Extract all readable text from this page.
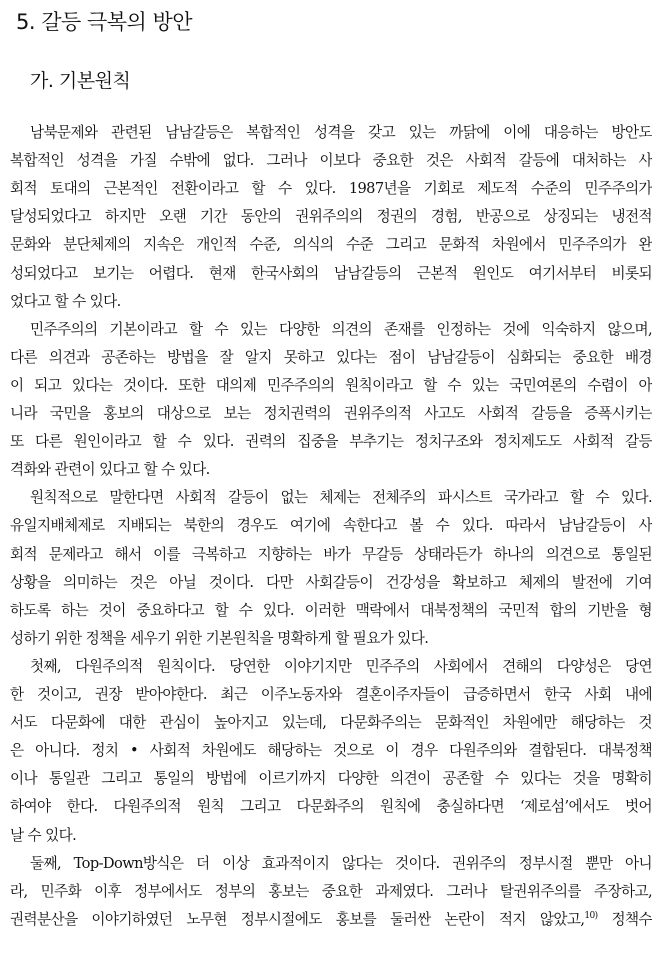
5. 갈등 극복의 방안
가. 기본원칙
남북문제와 관련된 남남갈등은 복합적인 성격을 갖고 있는 까닭에 이에 대응하는 방안도
복합적인 성격을 가질 수밖에 없다. 그러나 이보다 중요한 것은 사회적 갈등에 대처하는 사
회적 토대의 근본적인 전환이라고 할 수 있다. 1987년을 기회로 제도적 수준의 민주주의가
달성되었다고 하지만 오랜 기간 동안의 권위주의의 정권의 경험, 반공으로 상징되는 냉전적
문화와 분단체제의 지속은 개인적 수준, 의식의 수준 그리고 문화적 차원에서 민주주의가 완
성되었다고 보기는 어렵다. 현재 한국사회의 남남갈등의 근본적 원인도 여기서부터 비롯되
었다고 할 수 있다.
민주주의의 기본이라고 할 수 있는 다양한 의견의 존재를 인정하는 것에 익숙하지 않으며,
다른 의견과 공존하는 방법을 잘 알지 못하고 있다는 점이 남남갈등이 심화되는 중요한 배경
이 되고 있다는 것이다. 또한 대의제 민주주의의 원칙이라고 할 수 있는 국민여론의 수렴이 아
니라 국민을 홍보의 대상으로 보는 정치권력의 권위주의적 사고도 사회적 갈등을 증폭시키는
또 다른 원인이라고 할 수 있다. 권력의 집중을 부추기는 정치구조와 정치제도도 사회적 갈등
격화와 관련이 있다고 할 수 있다.
원칙적으로 말한다면 사회적 갈등이 없는 체제는 전체주의 파시스트 국가라고 할 수 있다.
유일지배체제로 지배되는 북한의 경우도 여기에 속한다고 볼 수 있다. 따라서 남남갈등이 사
회적 문제라고 해서 이를 극복하고 지향하는 바가 무갈등 상태라든가 하나의 의견으로 통일된
상황을 의미하는 것은 아닐 것이다. 다만 사회갈등이 건강성을 확보하고 체제의 발전에 기여
하도록 하는 것이 중요하다고 할 수 있다. 이러한 맥락에서 대북정책의 국민적 합의 기반을 형
성하기 위한 정책을 세우기 위한 기본원칙을 명확하게 할 필요가 있다.
첫째, 다원주의적 원칙이다. 당연한 이야기지만 민주주의 사회에서 견해의 다양성은 당연
한 것이고, 권장 받아야한다. 최근 이주노동자와 결혼이주자들이 급증하면서 한국 사회 내에
서도 다문화에 대한 관심이 높아지고 있는데, 다문화주의는 문화적인 차원에만 해당하는 것
은 아니다. 정치 • 사회적 차원에도 해당하는 것으로 이 경우 다원주의와 결합된다. 대북정책
이나 통일관 그리고 통일의 방법에 이르기까지 다양한 의견이 공존할 수 있다는 것을 명확히
하여야 한다. 다원주의적 원칙 그리고 다문화주의 원칙에 충실하다면 ‘제로섬’에서도 벗어
날 수 있다.
둘째, Top-Down방식은 더 이상 효과적이지 않다는 것이다. 권위주의 정부시절 뿐만 아니
라, 민주화 이후 정부에서도 정부의 홍보는 중요한 과제였다. 그러나 탈권위주의를 주장하고,
권력분산을 이야기하였던 노무현 정부시절에도 홍보를 둘러싼 논란이 적지 않았고,$^{10)}$ 정책수
